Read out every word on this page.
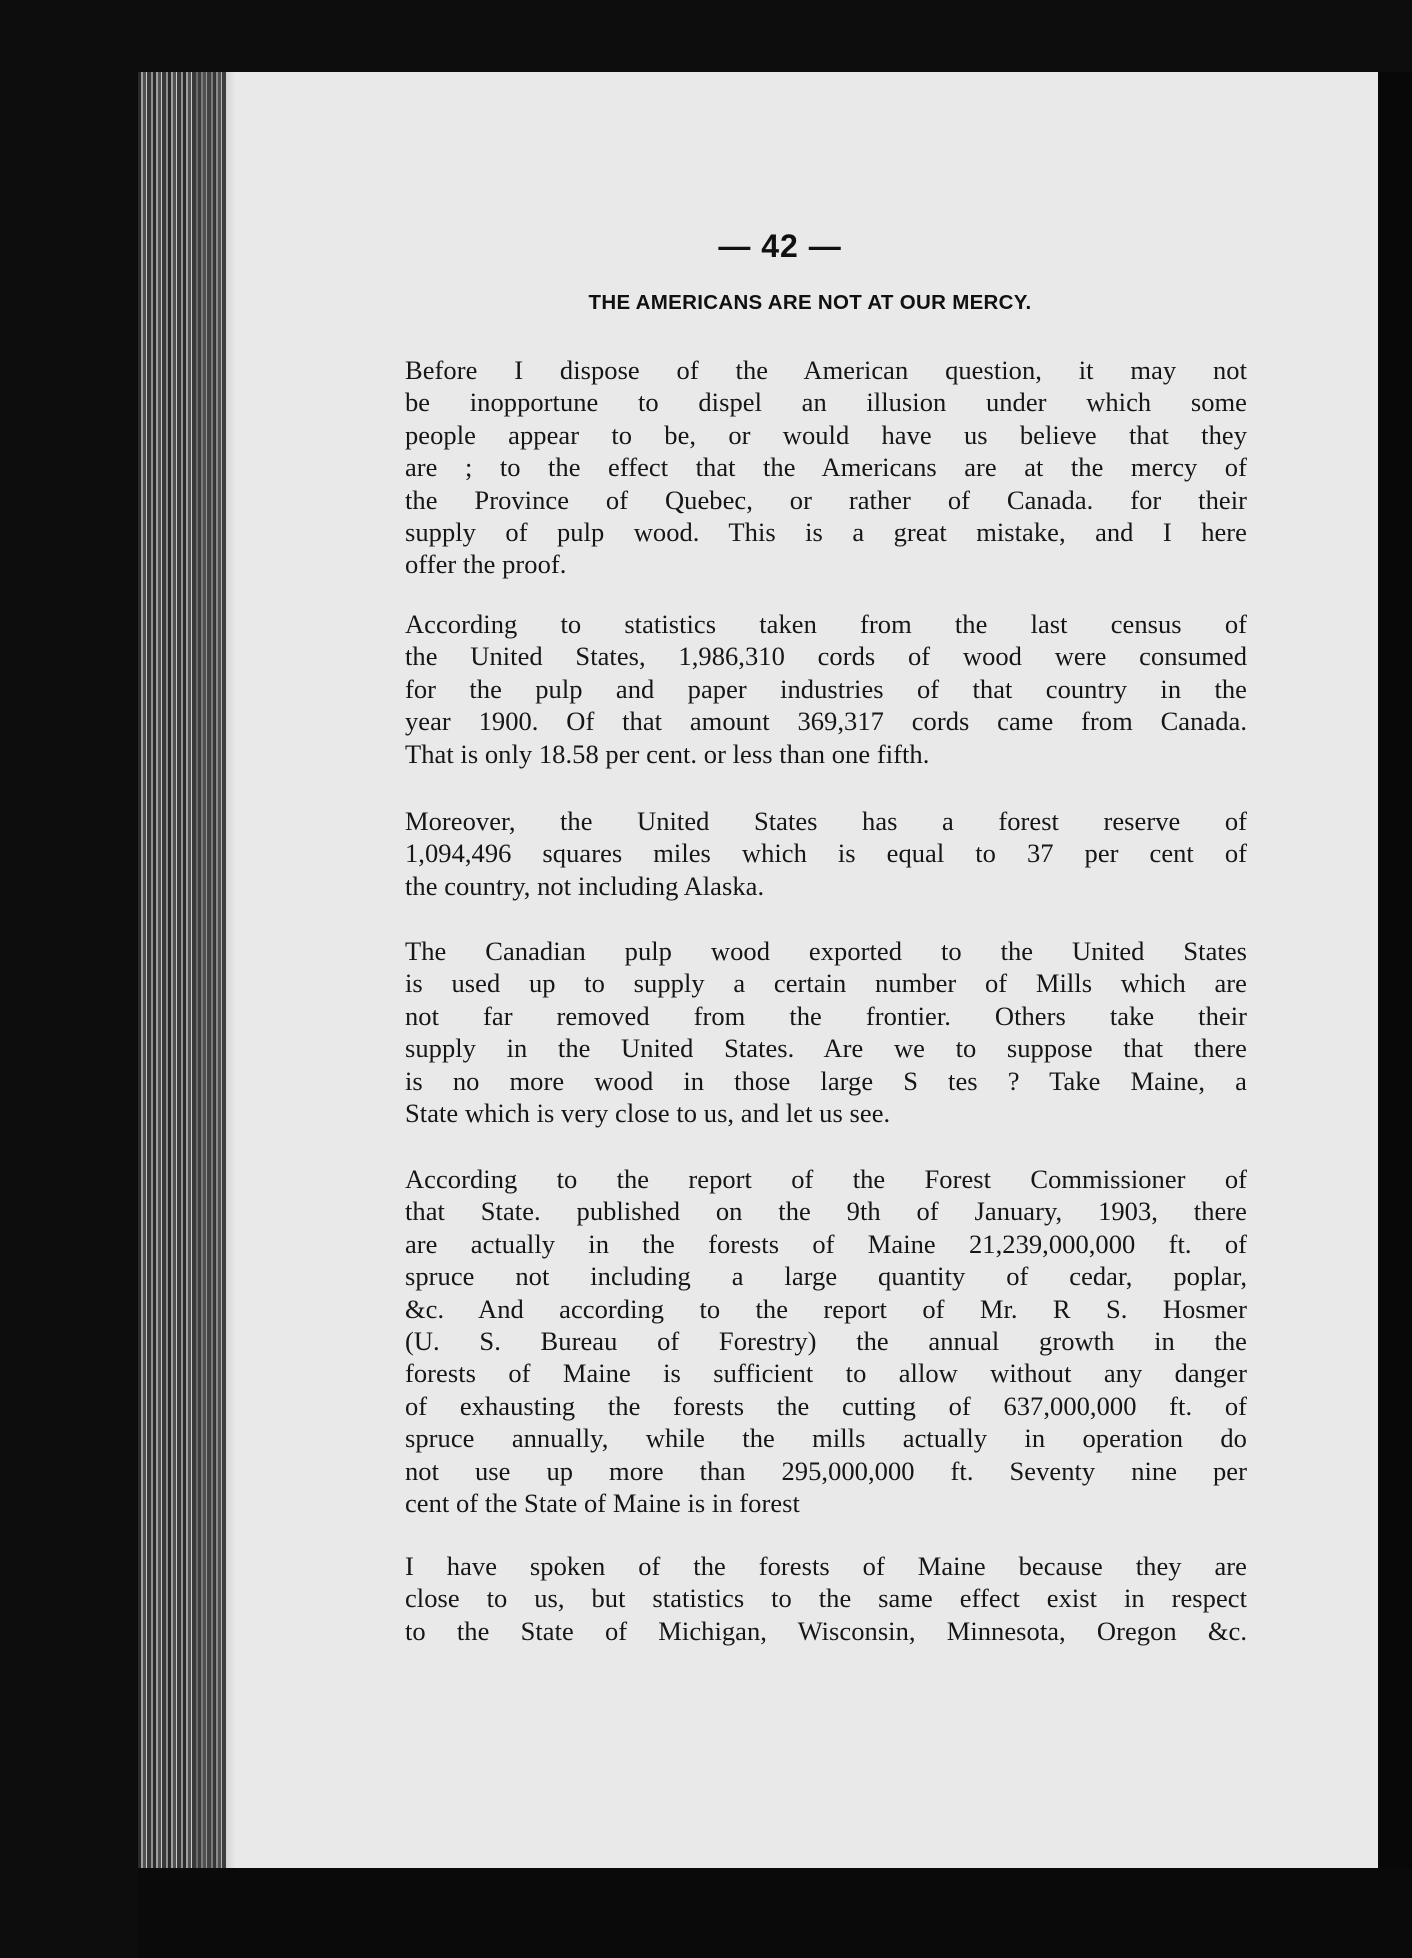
— 42 —
THE AMERICANS ARE NOT AT OUR MERCY.
Before I dispose of the American question, it may not
be inopportune to dispel an illusion under which some
people appear to be, or would have us believe that they
are ; to the effect that the Americans are at the mercy of
the Province of Quebec, or rather of Canada. for their
supply of pulp wood. This is a great mistake, and I here
offer the proof.
According to statistics taken from the last census of
the United States, 1,986,310 cords of wood were consumed
for the pulp and paper industries of that country in the
year 1900. Of that amount 369,317 cords came from Canada.
That is only 18.58 per cent. or less than one fifth.
Moreover, the United States has a forest reserve of
1,094,496 squares miles which is equal to 37 per cent of
the country, not including Alaska.
The Canadian pulp wood exported to the United States
is used up to supply a certain number of Mills which are
not far removed from the frontier. Others take their
supply in the United States. Are we to suppose that there
is no more wood in those large S tes ? Take Maine, a
State which is very close to us, and let us see.
According to the report of the Forest Commissioner of
that State. published on the 9th of January, 1903, there
are actually in the forests of Maine 21,239,000,000 ft. of
spruce not including a large quantity of cedar, poplar,
&c. And according to the report of Mr. R S. Hosmer
(U. S. Bureau of Forestry) the annual growth in the
forests of Maine is sufficient to allow without any danger
of exhausting the forests the cutting of 637,000,000 ft. of
spruce annually, while the mills actually in operation do
not use up more than 295,000,000 ft. Seventy nine per
cent of the State of Maine is in forest
I have spoken of the forests of Maine because they are
close to us, but statistics to the same effect exist in respect
to the State of Michigan, Wisconsin, Minnesota, Oregon &c.
